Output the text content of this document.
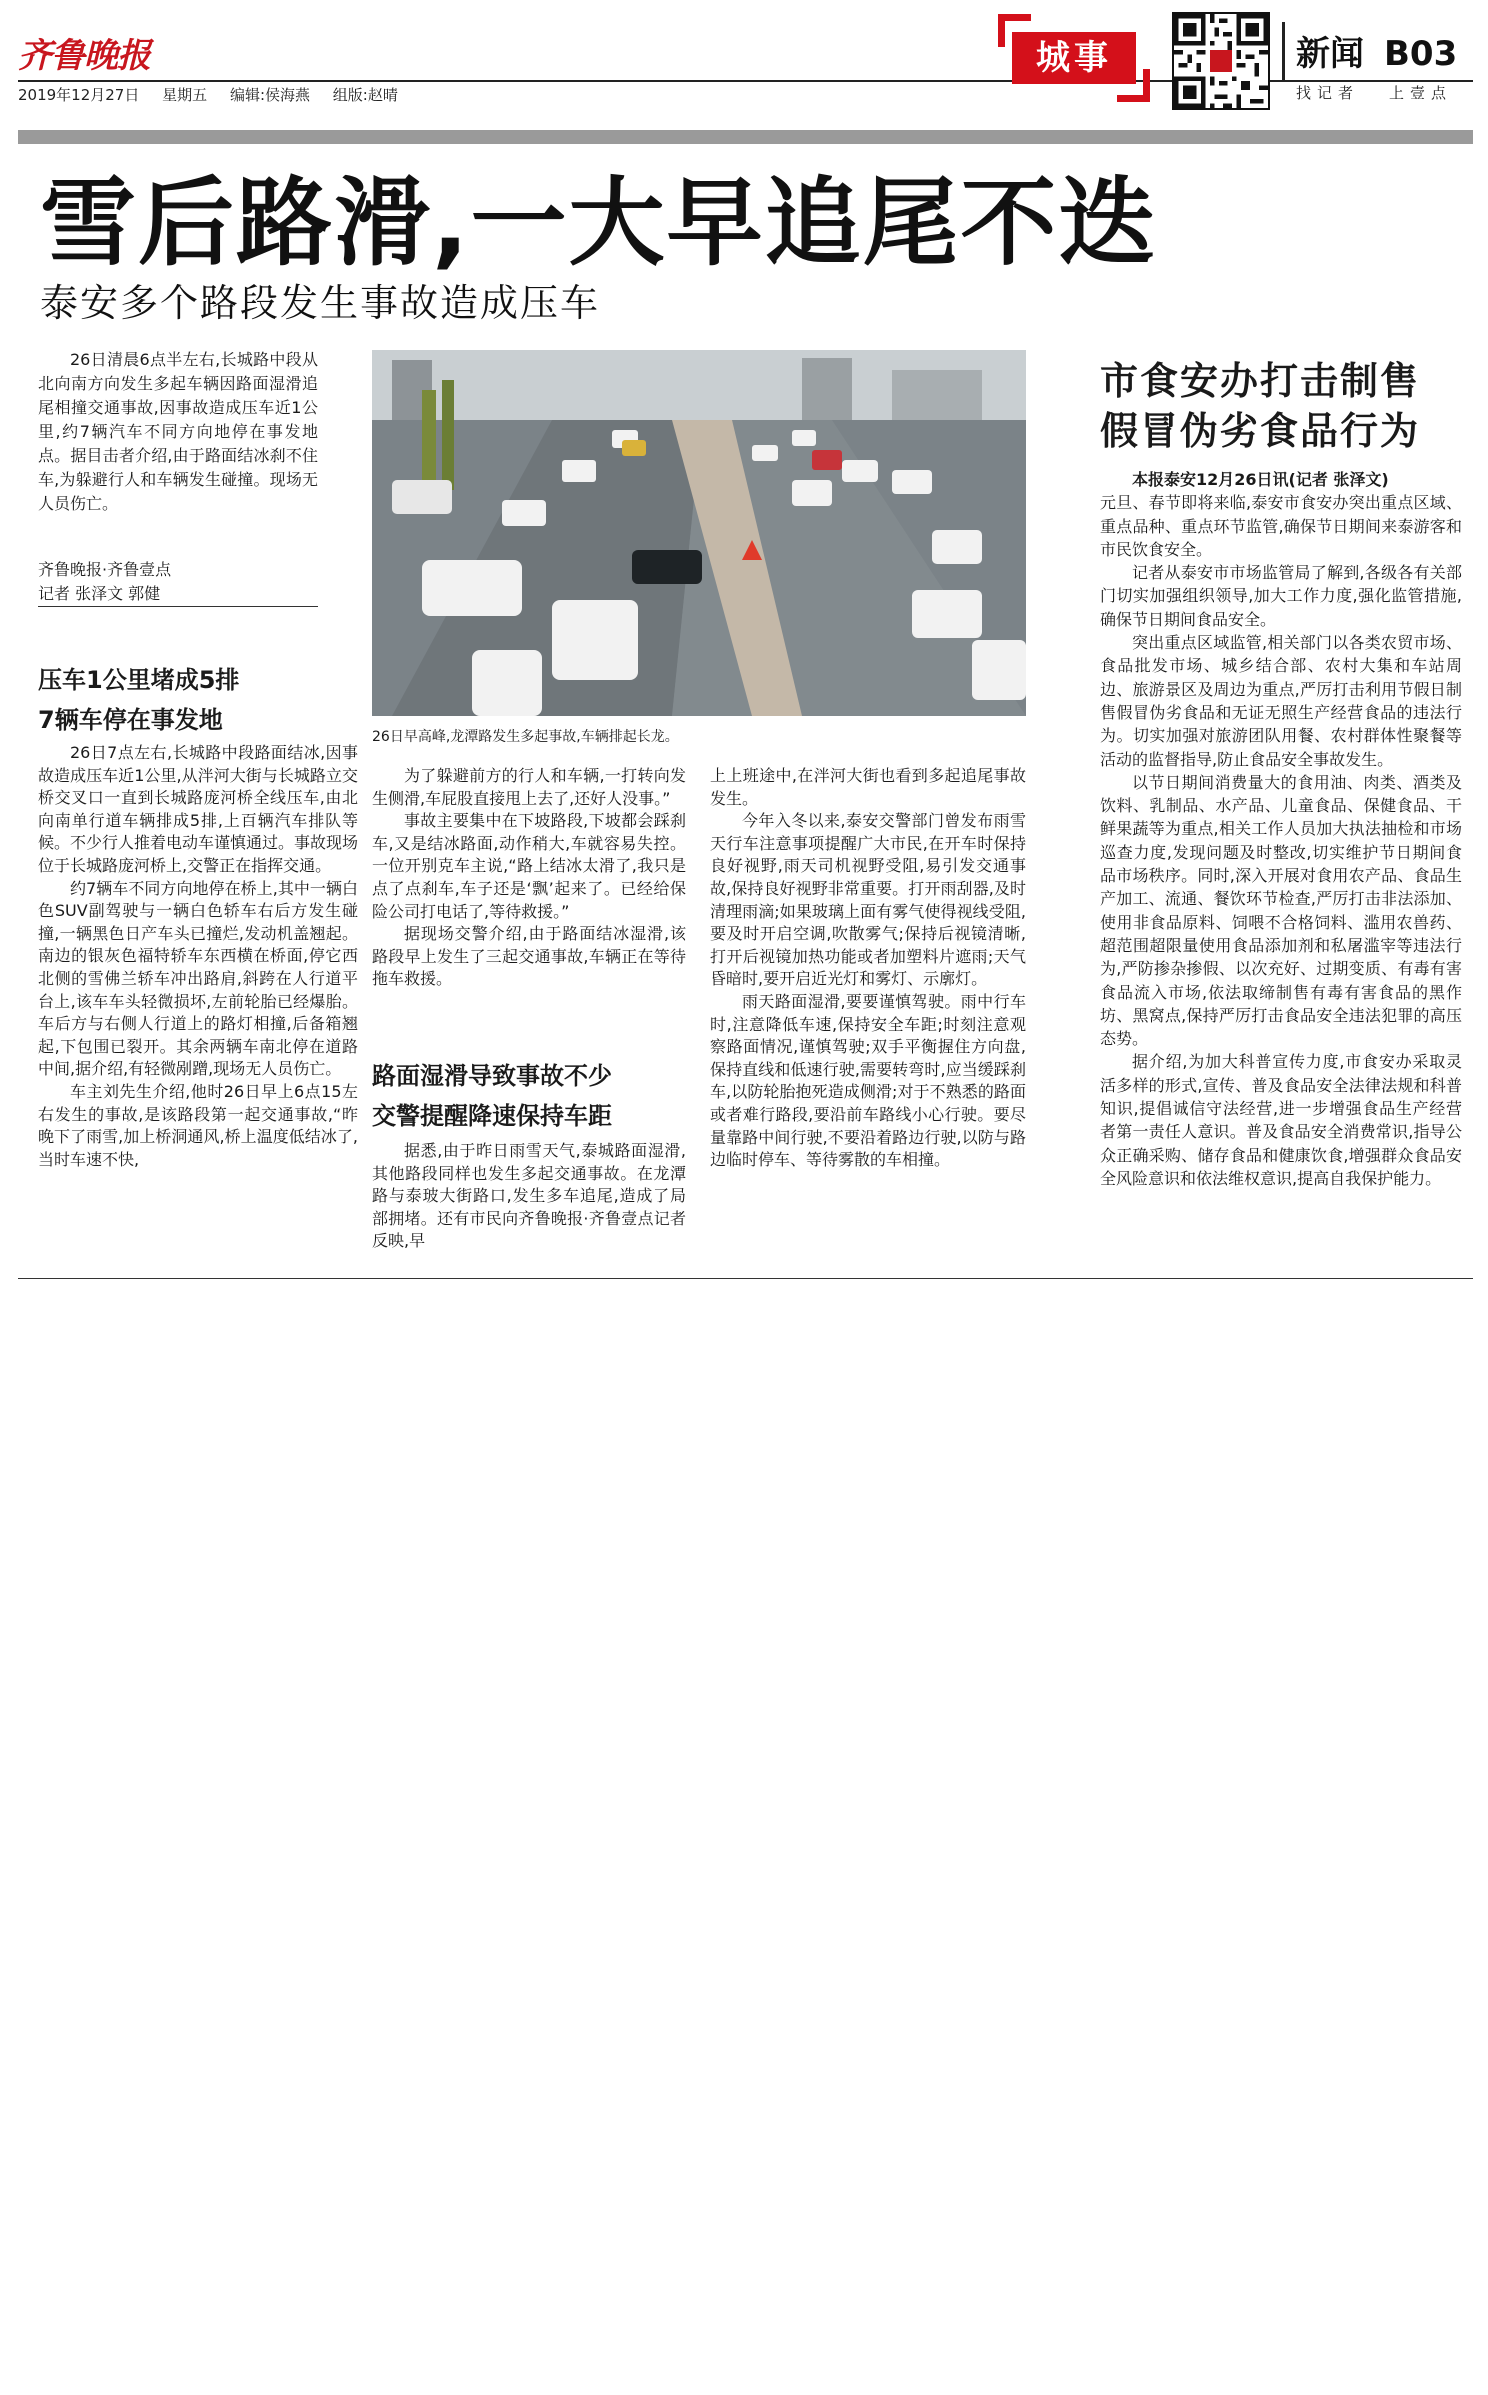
齐鲁晚报
2019年12月27日 星期五 编辑:侯海燕 组版:赵晴
城事	新闻 B03
找记者 上壹点
雪后路滑,一大早追尾不迭
泰安多个路段发生事故造成压车
26日清晨6点半左右,长城路中段从北向南方向发生多起车辆因路面湿滑追尾相撞交通事故,因事故造成压车近1公里,约7辆汽车不同方向地停在事发地点。据目击者介绍,由于路面结冰刹不住车,为躲避行人和车辆发生碰撞。现场无人员伤亡。
齐鲁晚报·齐鲁壹点
记者 张泽文 郭健
压车1公里堵成5排
7辆车停在事发地

26日7点左右,长城路中段路面结冰,因事故造成压车近1公里,从泮河大街与长城路立交桥交叉口一直到长城路庞河桥全线压车,由北向南单行道车辆排成5排,上百辆汽车排队等候。不少行人推着电动车谨慎通过。事故现场位于长城路庞河桥上,交警正在指挥交通。

约7辆车不同方向地停在桥上,其中一辆白色SUV副驾驶与一辆白色轿车右后方发生碰撞,一辆黑色日产车头已撞烂,发动机盖翘起。南边的银灰色福特轿车东西横在桥面,停它西北侧的雪佛兰轿车冲出路肩,斜跨在人行道平台上,该车车头轻微损坏,左前轮胎已经爆胎。车后方与右侧人行道上的路灯相撞,后备箱翘起,下包围已裂开。其余两辆车南北停在道路中间,据介绍,有轻微剐蹭,现场无人员伤亡。

车主刘先生介绍,他时26日早上6点15左右发生的事故,是该路段第一起交通事故,“昨晚下了雨雪,加上桥洞通风,桥上温度低结冰了,当时车速不快,

26日早高峰,龙潭路发生多起事故,车辆排起长龙。

为了躲避前方的行人和车辆,一打转向发生侧滑,车屁股直接甩上去了,还好人没事。”

事故主要集中在下坡路段,下坡都会踩刹车,又是结冰路面,动作稍大,车就容易失控。一位开别克车主说,“路上结冰太滑了,我只是点了点刹车,车子还是‘飘’起来了。已经给保险公司打电话了,等待救援。”

据现场交警介绍,由于路面结冰湿滑,该路段早上发生了三起交通事故,车辆正在等待拖车救援。

路面湿滑导致事故不少
交警提醒降速保持车距

据悉,由于昨日雨雪天气,泰城路面湿滑,其他路段同样也发生多起交通事故。在龙潭路与泰玻大街路口,发生多车追尾,造成了局部拥堵。还有市民向齐鲁晚报·齐鲁壹点记者反映,早

上上班途中,在泮河大街也看到多起追尾事故发生。

今年入冬以来,泰安交警部门曾发布雨雪天行车注意事项提醒广大市民,在开车时保持良好视野,雨天司机视野受阻,易引发交通事故,保持良好视野非常重要。打开雨刮器,及时清理雨滴;如果玻璃上面有雾气使得视线受阻,要及时开启空调,吹散雾气;保持后视镜清晰,打开后视镜加热功能或者加塑料片遮雨;天气昏暗时,要开启近光灯和雾灯、示廓灯。

雨天路面湿滑,要要谨慎驾驶。雨中行车时,注意降低车速,保持安全车距;时刻注意观察路面情况,谨慎驾驶;双手平衡握住方向盘,保持直线和低速行驶,需要转弯时,应当缓踩刹车,以防轮胎抱死造成侧滑;对于不熟悉的路面或者难行路段,要沿前车路线小心行驶。要尽量靠路中间行驶,不要沿着路边行驶,以防与路边临时停车、等待雾散的车相撞。

市食安办打击制售
假冒伪劣食品行为

本报泰安12月26日讯(记者 张泽文)

元旦、春节即将来临,泰安市食安办突出重点区域、重点品种、重点环节监管,确保节日期间来泰游客和市民饮食安全。

记者从泰安市市场监管局了解到,各级各有关部门切实加强组织领导,加大工作力度,强化监管措施,确保节日期间食品安全。

突出重点区域监管,相关部门以各类农贸市场、食品批发市场、城乡结合部、农村大集和车站周边、旅游景区及周边为重点,严厉打击利用节假日制售假冒伪劣食品和无证无照生产经营食品的违法行为。切实加强对旅游团队用餐、农村群体性聚餐等活动的监督指导,防止食品安全事故发生。

以节日期间消费量大的食用油、肉类、酒类及饮料、乳制品、水产品、儿童食品、保健食品、干鲜果蔬等为重点,相关工作人员加大执法抽检和市场巡查力度,发现问题及时整改,切实维护节日期间食品市场秩序。同时,深入开展对食用农产品、食品生产加工、流通、餐饮环节检查,严厉打击非法添加、使用非食品原料、饲喂不合格饲料、滥用农兽药、超范围超限量使用食品添加剂和私屠滥宰等违法行为,严防掺杂掺假、以次充好、过期变质、有毒有害食品流入市场,依法取缔制售有毒有害食品的黑作坊、黑窝点,保持严厉打击食品安全违法犯罪的高压态势。

据介绍,为加大科普宣传力度,市食安办采取灵活多样的形式,宣传、普及食品安全法律法规和科普知识,提倡诚信守法经营,进一步增强食品生产经营者第一责任人意识。普及食品安全消费常识,指导公众正确采购、储存食品和健康饮食,增强群众食品安全风险意识和依法维权意识,提高自我保护能力。
